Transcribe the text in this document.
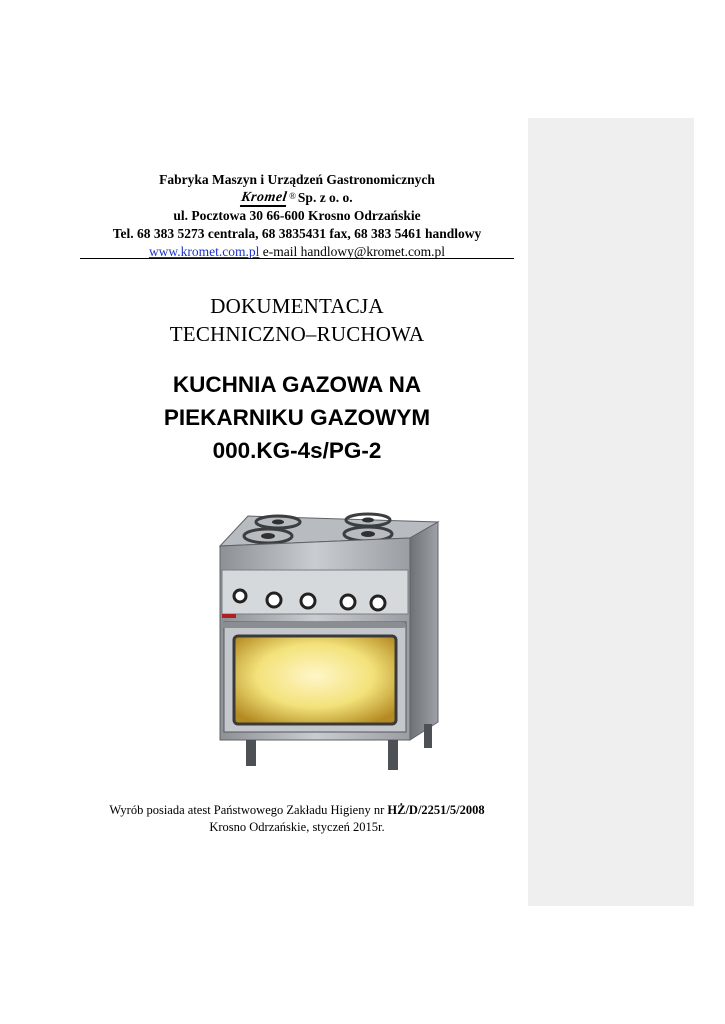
Fabryka Maszyn i Urządzeń Gastronomicznych
Kromel ® Sp. z o. o.
ul. Pocztowa 30 66-600 Krosno Odrzańskie
Tel. 68 383 5273 centrala, 68 3835431 fax, 68 383 5461 handlowy
www.kromet.com.pl e-mail handlowy@kromet.com.pl
DOKUMENTACJA
TECHNICZNO–RUCHOWA
KUCHNIA GAZOWA NA
PIEKARNIKU GAZOWYM
000.KG-4s/PG-2
Wyrób posiada atest Państwowego Zakładu Higieny nr HŻ/D/2251/5/2008
Krosno Odrzańskie, styczeń 2015r.
